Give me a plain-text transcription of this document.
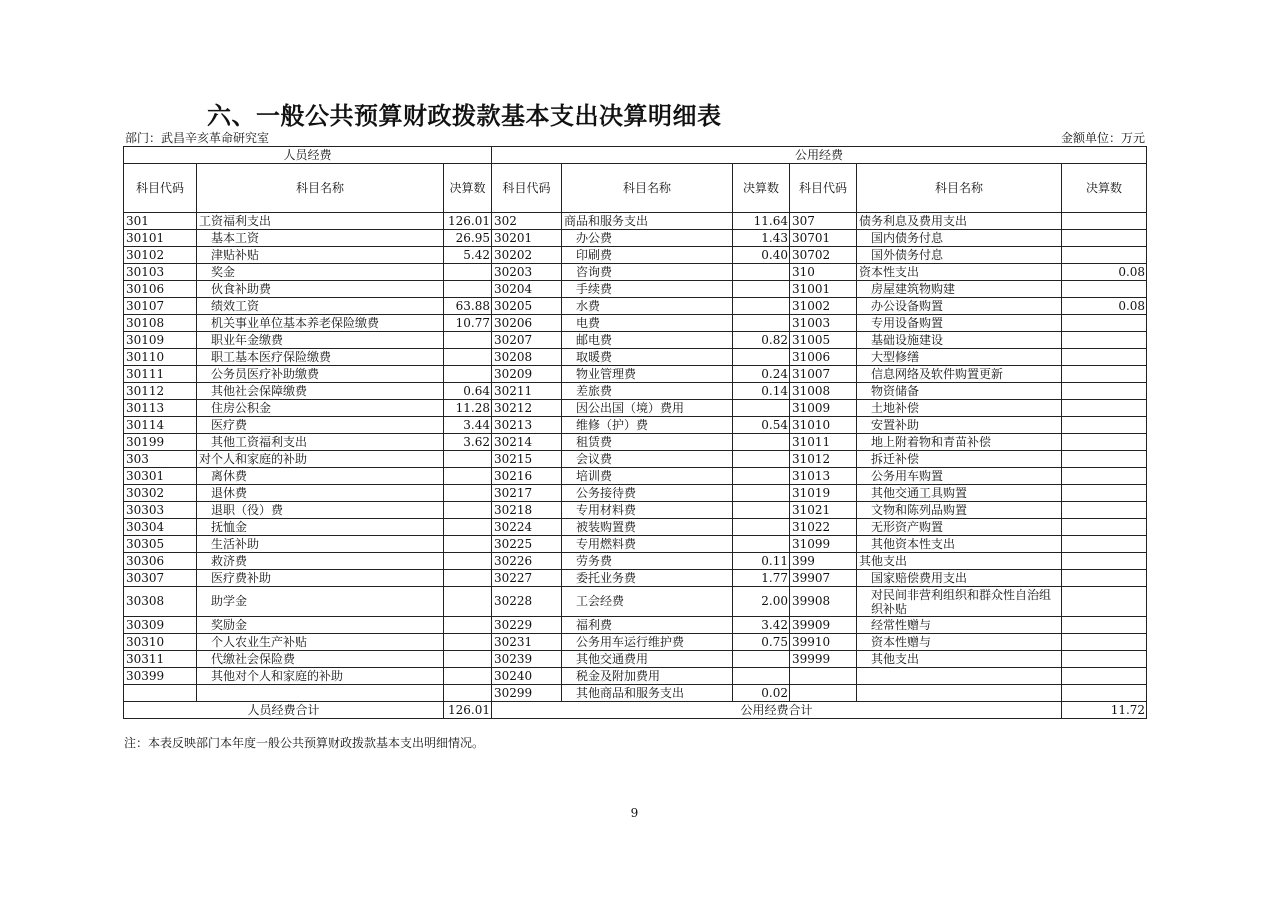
六、一般公共预算财政拨款基本支出决算明细表
部门：武昌辛亥革命研究室	金额单位：万元
人员经费			公用经费					
科目代码	科目名称	决算数	科目代码	科目名称	决算数	科目代码	科目名称	决算数
301	工资福利支出	126.01	302	商品和服务支出	11.64	307	债务利息及费用支出	
30101	基本工资	26.95	30201	办公费	1.43	30701	国内债务付息	
30102	津贴补贴	5.42	30202	印刷费	0.40	30702	国外债务付息	
30103	奖金		30203	咨询费		310	资本性支出	0.08
30106	伙食补助费		30204	手续费		31001	房屋建筑物购建	
30107	绩效工资	63.88	30205	水费		31002	办公设备购置	0.08
30108	机关事业单位基本养老保险缴费	10.77	30206	电费		31003	专用设备购置	
30109	职业年金缴费		30207	邮电费	0.82	31005	基础设施建设	
30110	职工基本医疗保险缴费		30208	取暖费		31006	大型修缮	
30111	公务员医疗补助缴费		30209	物业管理费	0.24	31007	信息网络及软件购置更新	
30112	其他社会保障缴费	0.64	30211	差旅费	0.14	31008	物资储备	
30113	住房公积金	11.28	30212	因公出国（境）费用		31009	土地补偿	
30114	医疗费	3.44	30213	维修（护）费	0.54	31010	安置补助	
30199	其他工资福利支出	3.62	30214	租赁费		31011	地上附着物和青苗补偿	
303	对个人和家庭的补助		30215	会议费		31012	拆迁补偿	
30301	离休费		30216	培训费		31013	公务用车购置	
30302	退休费		30217	公务接待费		31019	其他交通工具购置	
30303	退职（役）费		30218	专用材料费		31021	文物和陈列品购置	
30304	抚恤金		30224	被装购置费		31022	无形资产购置	
30305	生活补助		30225	专用燃料费		31099	其他资本性支出	
30306	救济费		30226	劳务费	0.11	399	其他支出	
30307	医疗费补助		30227	委托业务费	1.77	39907	国家赔偿费用支出	
30308	助学金		30228	工会经费	2.00	39908	对民间非营利组织和群众性自治组织补贴	
30309	奖励金		30229	福利费	3.42	39909	经常性赠与	
30310	个人农业生产补贴		30231	公务用车运行维护费	0.75	39910	资本性赠与	
30311	代缴社会保险费		30239	其他交通费用		39999	其他支出	
30399	其他对个人和家庭的补助		30240	税金及附加费用				
			30299	其他商品和服务支出	0.02			
人员经费合计		126.01	公用经费合计					11.72
注：本表反映部门本年度一般公共预算财政拨款基本支出明细情况。
9
